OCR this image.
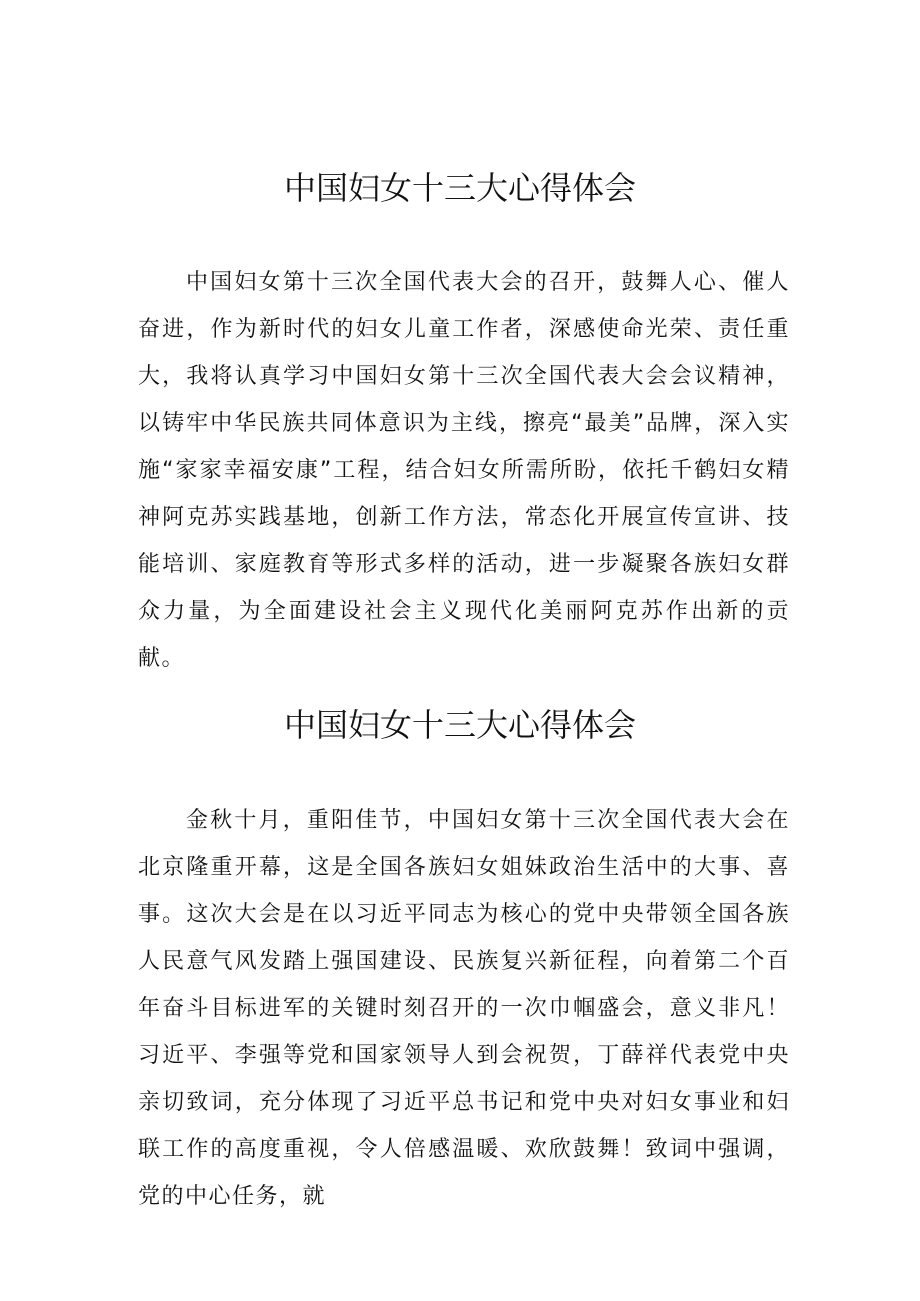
中国妇女十三大心得体会

中国妇女第十三次全国代表大会的召开，鼓舞人心、催人奋进，作为新时代的妇女儿童工作者，深感使命光荣、责任重大，我将认真学习中国妇女第十三次全国代表大会会议精神，以铸牢中华民族共同体意识为主线，擦亮“最美”品牌，深入实施“家家幸福安康”工程，结合妇女所需所盼，依托千鹤妇女精神阿克苏实践基地，创新工作方法，常态化开展宣传宣讲、技能培训、家庭教育等形式多样的活动，进一步凝聚各族妇女群众力量，为全面建设社会主义现代化美丽阿克苏作出新的贡献。

中国妇女十三大心得体会

金秋十月，重阳佳节，中国妇女第十三次全国代表大会在北京隆重开幕，这是全国各族妇女姐妹政治生活中的大事、喜事。这次大会是在以习近平同志为核心的党中央带领全国各族人民意气风发踏上强国建设、民族复兴新征程，向着第二个百年奋斗目标进军的关键时刻召开的一次巾帼盛会，意义非凡！习近平、李强等党和国家领导人到会祝贺，丁薛祥代表党中央亲切致词，充分体现了习近平总书记和党中央对妇女事业和妇联工作的高度重视，令人倍感温暖、欢欣鼓舞！致词中强调，党的中心任务，就
